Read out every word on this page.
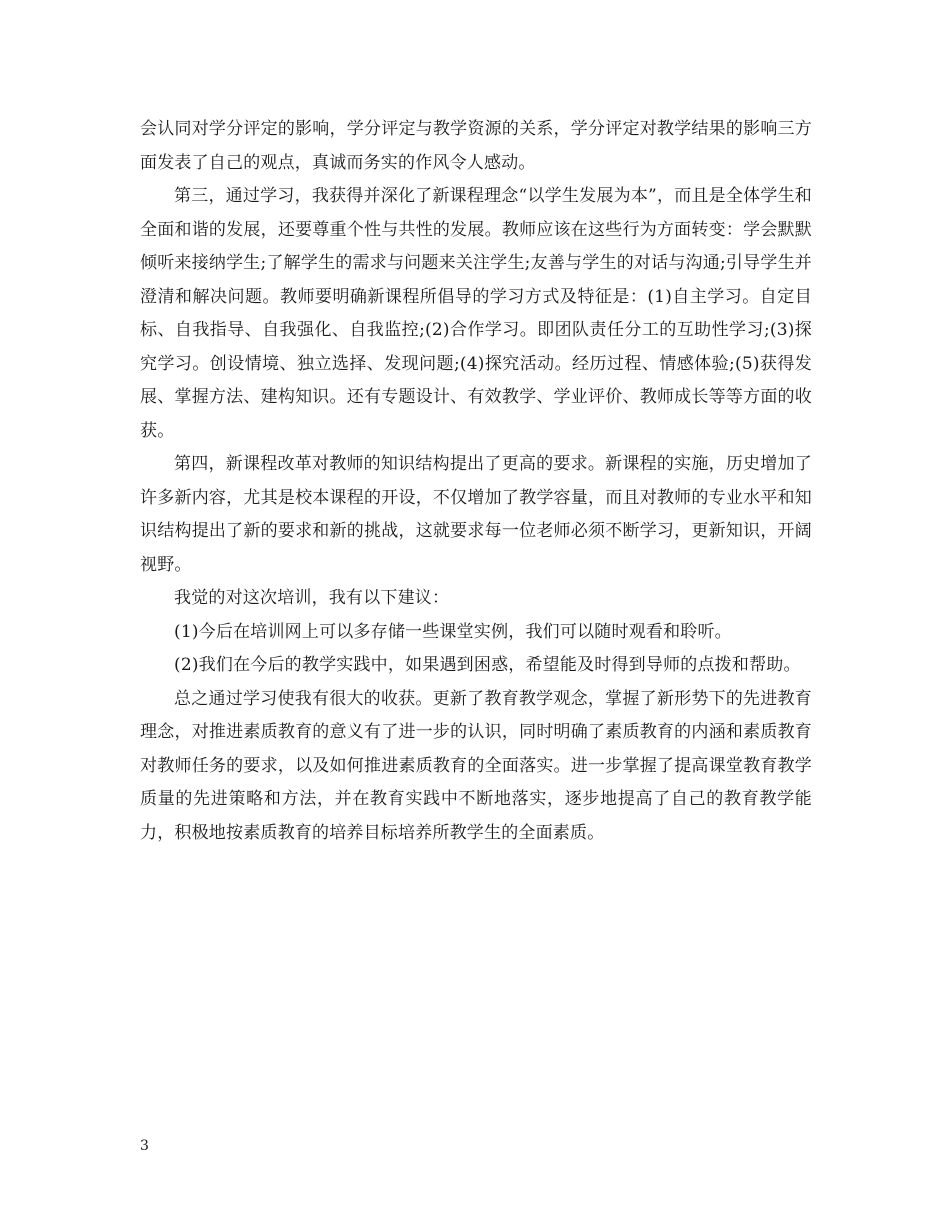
会认同对学分评定的影响，学分评定与教学资源的关系，学分评定对教学结果的影响三方面发表了自己的观点，真诚而务实的作风令人感动。

第三，通过学习，我获得并深化了新课程理念“以学生发展为本”，而且是全体学生和全面和谐的发展，还要尊重个性与共性的发展。教师应该在这些行为方面转变：学会默默倾听来接纳学生;了解学生的需求与问题来关注学生;友善与学生的对话与沟通;引导学生并澄清和解决问题。教师要明确新课程所倡导的学习方式及特征是：(1)自主学习。自定目标、自我指导、自我强化、自我监控;(2)合作学习。即团队责任分工的互助性学习;(3)探究学习。创设情境、独立选择、发现问题;(4)探究活动。经历过程、情感体验;(5)获得发展、掌握方法、建构知识。还有专题设计、有效教学、学业评价、教师成长等等方面的收获。

第四，新课程改革对教师的知识结构提出了更高的要求。新课程的实施，历史增加了许多新内容，尤其是校本课程的开设，不仅增加了教学容量，而且对教师的专业水平和知识结构提出了新的要求和新的挑战，这就要求每一位老师必须不断学习，更新知识，开阔视野。

我觉的对这次培训，我有以下建议：

(1)今后在培训网上可以多存储一些课堂实例，我们可以随时观看和聆听。

(2)我们在今后的教学实践中，如果遇到困惑，希望能及时得到导师的点拨和帮助。

总之通过学习使我有很大的收获。更新了教育教学观念，掌握了新形势下的先进教育理念，对推进素质教育的意义有了进一步的认识，同时明确了素质教育的内涵和素质教育对教师任务的要求，以及如何推进素质教育的全面落实。进一步掌握了提高课堂教育教学质量的先进策略和方法，并在教育实践中不断地落实，逐步地提高了自己的教育教学能力，积极地按素质教育的培养目标培养所教学生的全面素质。

3
